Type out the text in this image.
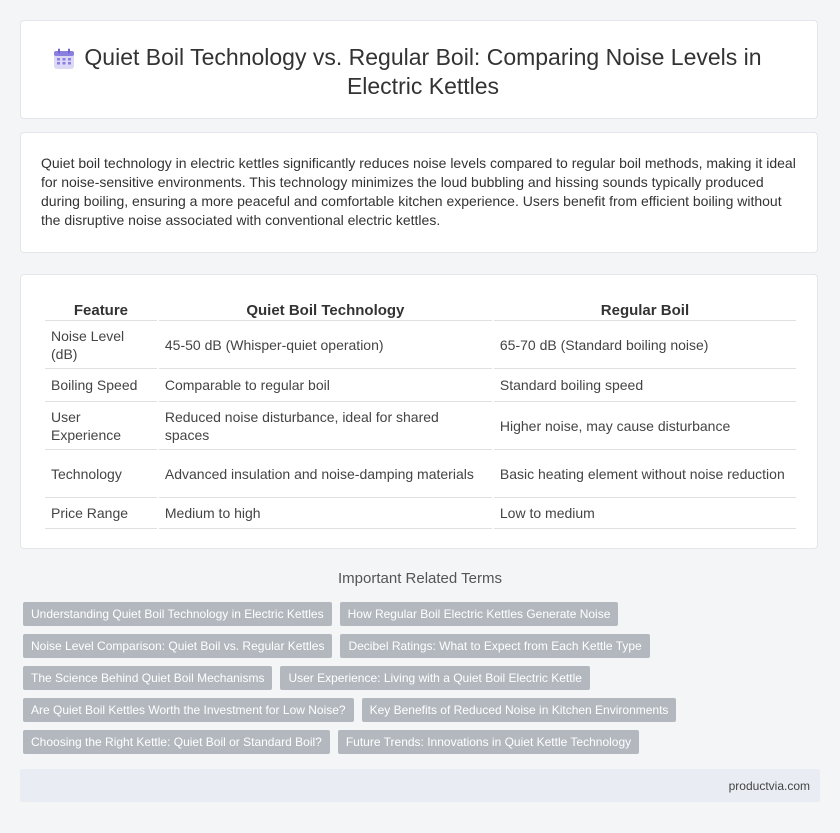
Quiet Boil Technology vs. Regular Boil: Comparing Noise Levels in Electric Kettles

Quiet boil technology in electric kettles significantly reduces noise levels compared to regular boil methods, making it ideal for noise-sensitive environments. This technology minimizes the loud bubbling and hissing sounds typically produced during boiling, ensuring a more peaceful and comfortable kitchen experience. Users benefit from efficient boiling without the disruptive noise associated with conventional electric kettles.

Feature	Quiet Boil Technology	Regular Boil
Noise Level (dB)	45-50 dB (Whisper-quiet operation)	65-70 dB (Standard boiling noise)
Boiling Speed	Comparable to regular boil	Standard boiling speed
User Experience	Reduced noise disturbance, ideal for shared spaces	Higher noise, may cause disturbance
Technology	Advanced insulation and noise-damping materials	Basic heating element without noise reduction
Price Range	Medium to high	Low to medium
Important Related Terms
Understanding Quiet Boil Technology in Electric Kettles	How Regular Boil Electric Kettles Generate Noise
Noise Level Comparison: Quiet Boil vs. Regular Kettles	Decibel Ratings: What to Expect from Each Kettle Type
The Science Behind Quiet Boil Mechanisms	User Experience: Living with a Quiet Boil Electric Kettle
Are Quiet Boil Kettles Worth the Investment for Low Noise?	Key Benefits of Reduced Noise in Kitchen Environments
Choosing the Right Kettle: Quiet Boil or Standard Boil?	Future Trends: Innovations in Quiet Kettle Technology
productvia.com
